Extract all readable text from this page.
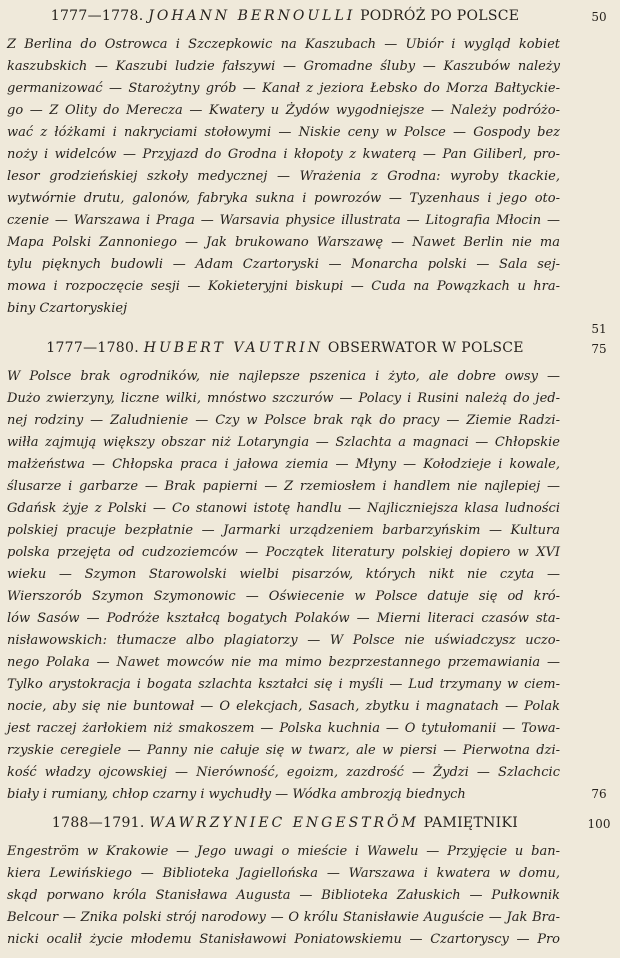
1777—1778. JOHANN BERNOULLI PODRÓŻ PO POLSCE	50
Z Berlina do Ostrowca i Szczepkowic na Kaszubach — Ubiór i wygląd kobiet
kaszubskich — Kaszubi ludzie fałszywi — Gromadne śluby — Kaszubów należy
germanizować — Starożytny grób — Kanał z jeziora Łebsko do Morza Bałtyckie-
go — Z Olity do Merecza — Kwatery u Żydów wygodniejsze — Należy podróżo-
wać z łóżkami i nakryciami stołowymi — Niskie ceny w Polsce — Gospody bez
noży i widelców — Przyjazd do Grodna i kłopoty z kwaterą — Pan Giliberl, pro-
lesor grodzieńskiej szkoły medycznej — Wrażenia z Grodna: wyroby tkackie,
wytwórnie drutu, galonów, fabryka sukna i powrozów — Tyzenhaus i jego oto-
czenie — Warszawa i Praga — Warsavia physice illustrata — Litografia Młocin —
Mapa Polski Zannoniego — Jak brukowano Warszawę — Nawet Berlin nie ma
tylu pięknych budowli — Adam Czartoryski — Monarcha polski — Sala sej-
mowa i rozpoczęcie sesji — Kokieteryjni biskupi — Cuda na Powązkach u hra-
biny Czartoryskiej
51
1777—1780. HUBERT VAUTRIN OBSERWATOR W POLSCE	75
W Polsce brak ogrodników, nie najlepsze pszenica i żyto, ale dobre owsy —
Dużo zwierzyny, liczne wilki, mnóstwo szczurów — Polacy i Rusini należą do jed-
nej rodziny — Zaludnienie — Czy w Polsce brak rąk do pracy — Ziemie Radzi-
wiłła zajmują większy obszar niż Lotaryngia — Szlachta a magnaci — Chłopskie
małżeństwa — Chłopska praca i jałowa ziemia — Młyny — Kołodzieje i kowale,
ślusarze i garbarze — Brak papierni — Z rzemiosłem i handlem nie najlepiej —
Gdańsk żyje z Polski — Co stanowi istotę handlu — Najliczniejsza klasa ludności
polskiej pracuje bezpłatnie — Jarmarki urządzeniem barbarzyńskim — Kultura
polska przejęta od cudzoziemców — Początek literatury polskiej dopiero w XVI
wieku — Szymon Starowolski wielbi pisarzów, których nikt nie czyta —
Wierszorób Szymon Szymonowic — Oświecenie w Polsce datuje się od kró-
lów Sasów — Podróże kształcą bogatych Polaków — Mierni literaci czasów sta-
nisławowskich: tłumacze albo plagiatorzy — W Polsce nie uświadczysz uczo-
nego Polaka — Nawet mowców nie ma mimo bezprzestannego przemawiania —
Tylko arystokracja i bogata szlachta kształci się i myśli — Lud trzymany w ciem-
nocie, aby się nie buntował — O elekcjach, Sasach, zbytku i magnatach — Polak
jest raczej żarłokiem niż smakoszem — Polska kuchnia — O tytułomanii — Towa-
rzyskie ceregiele — Panny nie całuje się w twarz, ale w piersi — Pierwotna dzi-
kość władzy ojcowskiej — Nierówność, egoizm, zazdrość — Żydzi — Szlachcic
biały i rumiany, chłop czarny i wychudły — Wódka ambrozją biednych	76
1788—1791. WAWRZYNIEC ENGESTRÖM PAMIĘTNIKI	100
Engeström w Krakowie — Jego uwagi o mieście i Wawelu — Przyjęcie u ban-
kiera Lewińskiego — Biblioteka Jagiellońska — Warszawa i kwatera w domu,
skąd porwano króla Stanisława Augusta — Biblioteka Załuskich — Pułkownik
Belcour — Znika polski strój narodowy — O królu Stanisławie Auguście — Jak Bra-
nicki ocalił życie młodemu Stanisławowi Poniatowskiemu — Czartoryscy — Pro
